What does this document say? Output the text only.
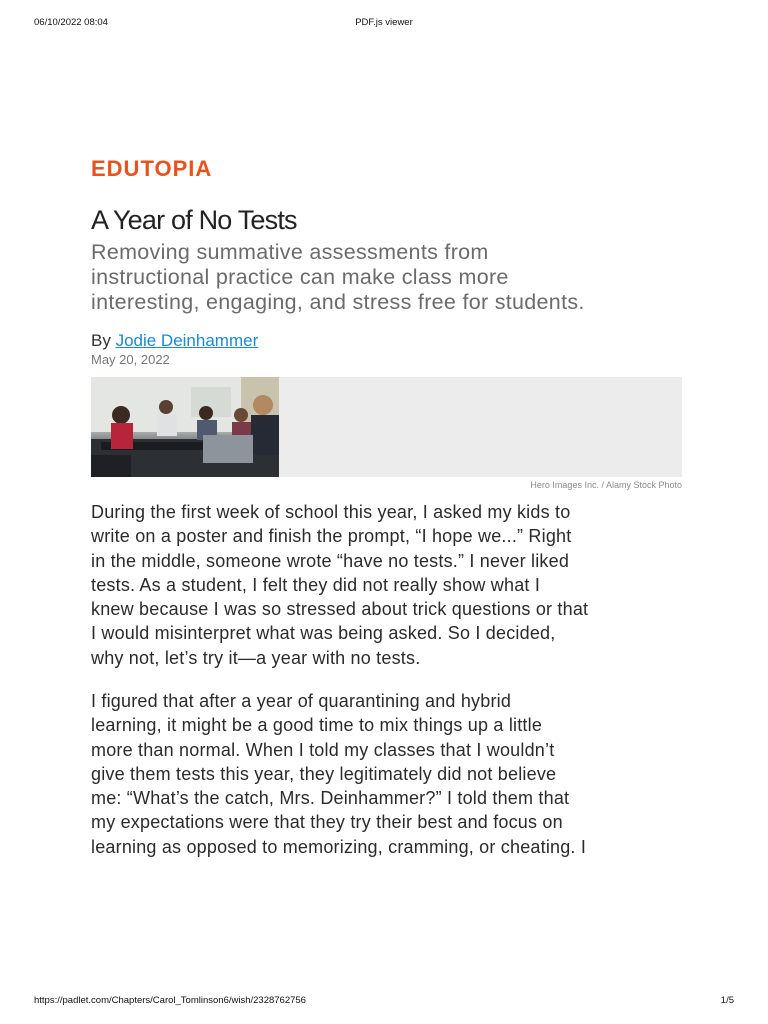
06/10/2022 08:04	PDF.js viewer
EDUTOPIA
A Year of No Tests

Removing summative assessments from
instructional practice can make class more
interesting, engaging, and stress free for students.

By Jodie Deinhammer
May 20, 2022
Hero Images Inc. / Alamy Stock Photo

During the first week of school this year, I asked my kids to
write on a poster and finish the prompt, “I hope we...” Right
in the middle, someone wrote “have no tests.” I never liked
tests. As a student, I felt they did not really show what I
knew because I was so stressed about trick questions or that
I would misinterpret what was being asked. So I decided,
why not, let’s try it—a year with no tests.

I figured that after a year of quarantining and hybrid
learning, it might be a good time to mix things up a little
more than normal. When I told my classes that I wouldn’t
give them tests this year, they legitimately did not believe
me: “What’s the catch, Mrs. Deinhammer?” I told them that
my expectations were that they try their best and focus on
learning as opposed to memorizing, cramming, or cheating. I

https://padlet.com/Chapters/Carol_Tomlinson6/wish/2328762756	1/5
